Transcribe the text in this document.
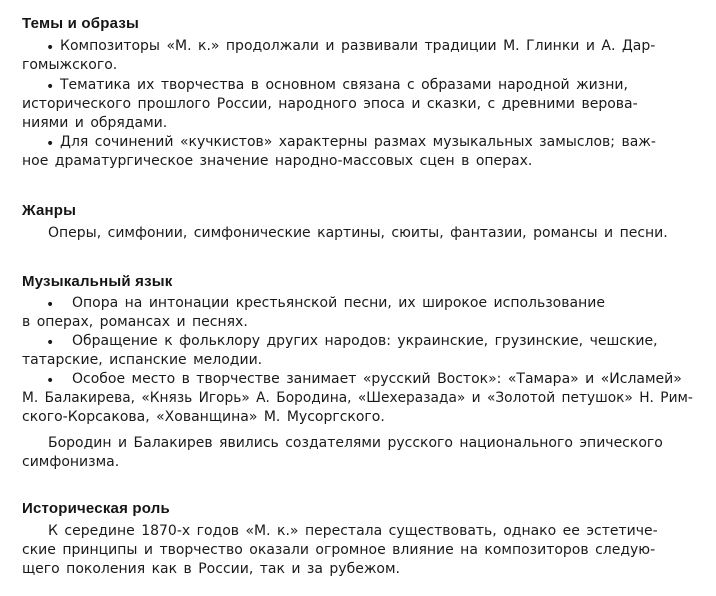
Темы и образы
• Композиторы «М. к.» продолжали и развивали традиции М. Глинки и А. Дар-
гомыжского.
• Тематика их творчества в основном связана с образами народной жизни,
исторического прошлого России, народного эпоса и сказки, с древними верова-
ниями и обрядами.
• Для сочинений «кучкистов» характерны размах музыкальных замыслов; важ-
ное драматургическое значение народно-массовых сцен в операх.
Жанры
Оперы, симфонии, симфонические картины, сюиты, фантазии, романсы и песни.
Музыкальный язык
• Опора на интонации крестьянской песни, их широкое использование
в операх, романсах и песнях.
• Обращение к фольклору других народов: украинские, грузинские, чешские,
татарские, испанские мелодии.
• Особое место в творчестве занимает «русский Восток»: «Тамара» и «Исламей»
М. Балакирева, «Князь Игорь» А. Бородина, «Шехеразада» и «Золотой петушок» Н. Рим-
ского-Корсакова, «Хованщина» М. Мусоргского.
Бородин и Балакирев явились создателями русского национального эпического
симфонизма.
Историческая роль
К середине 1870-х годов «М. к.» перестала существовать, однако ее эстетиче-
ские принципы и творчество оказали огромное влияние на композиторов следую-
щего поколения как в России, так и за рубежом.
